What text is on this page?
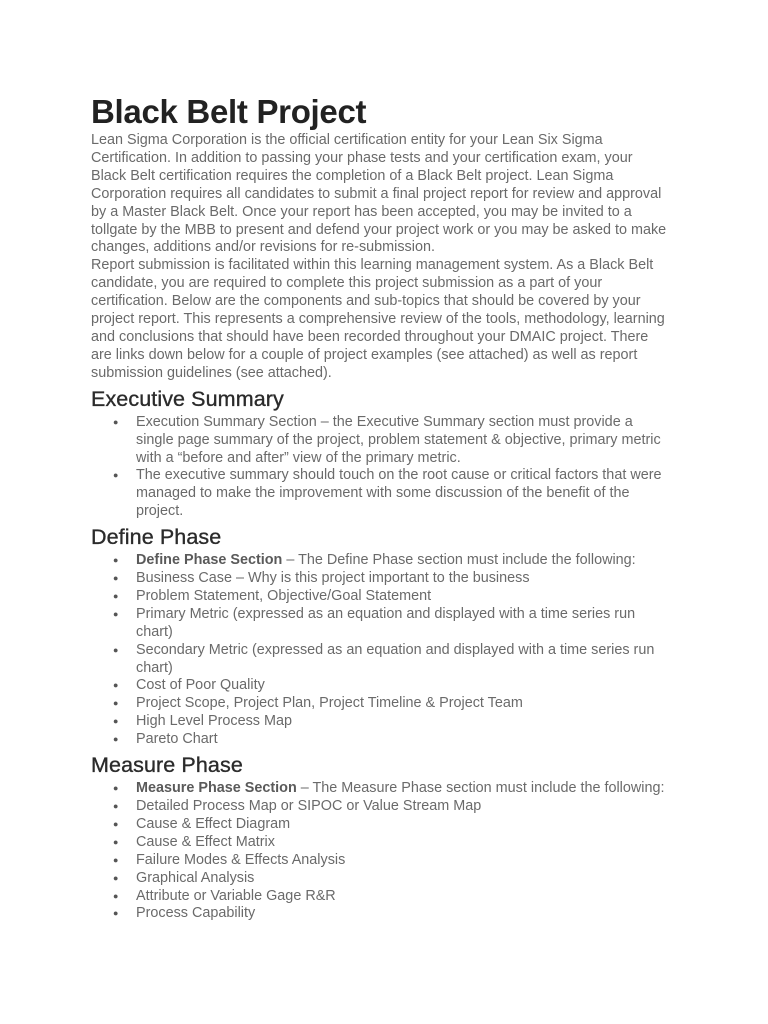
Black Belt Project

Lean Sigma Corporation is the official certification entity for your Lean Six Sigma Certification. In addition to passing your phase tests and your certification exam, your Black Belt certification requires the completion of a Black Belt project. Lean Sigma Corporation requires all candidates to submit a final project report for review and approval by a Master Black Belt. Once your report has been accepted, you may be invited to a tollgate by the MBB to present and defend your project work or you may be asked to make changes, additions and/or revisions for re-submission.

Report submission is facilitated within this learning management system. As a Black Belt candidate, you are required to complete this project submission as a part of your certification. Below are the components and sub-topics that should be covered by your project report. This represents a comprehensive review of the tools, methodology, learning and conclusions that should have been recorded throughout your DMAIC project. There are links down below for a couple of project examples (see attached) as well as report submission guidelines (see attached).

Executive Summary
● Execution Summary Section – the Executive Summary section must provide a single page summary of the project, problem statement & objective, primary metric with a “before and after” view of the primary metric.
● The executive summary should touch on the root cause or critical factors that were managed to make the improvement with some discussion of the benefit of the project.
Define Phase
● Define Phase Section – The Define Phase section must include the following:
● Business Case – Why is this project important to the business
● Problem Statement, Objective/Goal Statement
● Primary Metric (expressed as an equation and displayed with a time series run chart)
● Secondary Metric (expressed as an equation and displayed with a time series run chart)
● Cost of Poor Quality
● Project Scope, Project Plan, Project Timeline & Project Team
● High Level Process Map
● Pareto Chart
Measure Phase
● Measure Phase Section – The Measure Phase section must include the following:
● Detailed Process Map or SIPOC or Value Stream Map
● Cause & Effect Diagram
● Cause & Effect Matrix
● Failure Modes & Effects Analysis
● Graphical Analysis
● Attribute or Variable Gage R&R
● Process Capability
